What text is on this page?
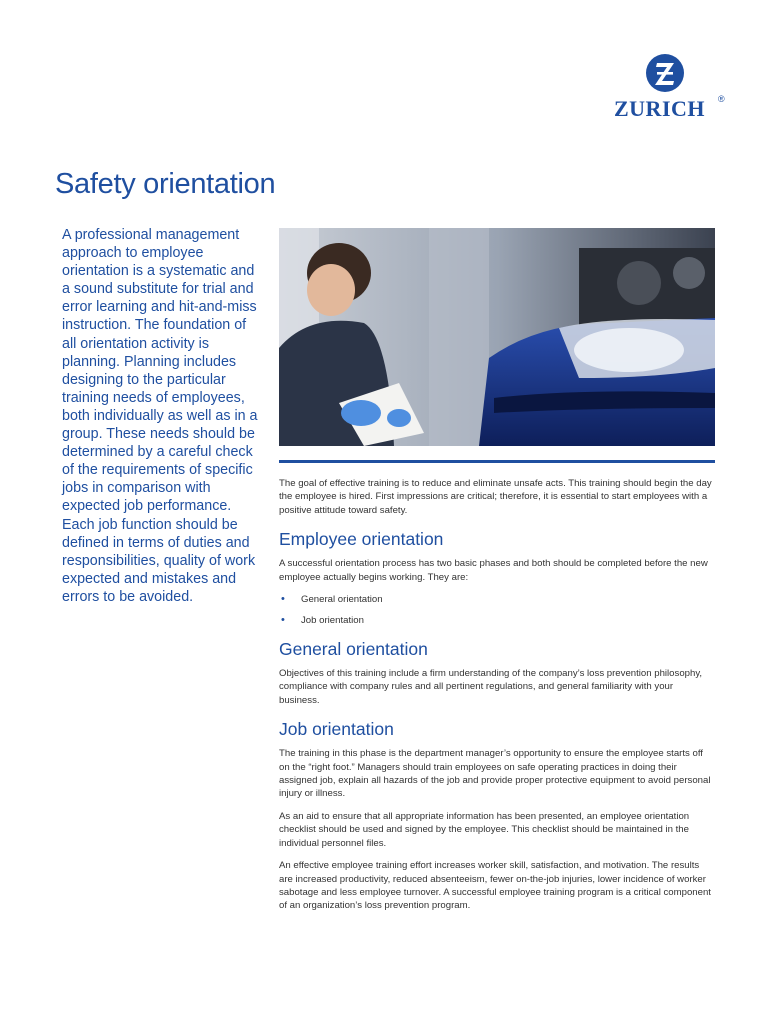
ZURICH ®
Safety orientation

A professional management approach to employee orientation is a systematic and a sound substitute for trial and error learning and hit-and-miss instruction. The foundation of all orientation activity is planning. Planning includes designing to the particular training needs of employees, both individually as well as in a group. These needs should be determined by a careful check of the requirements of specific jobs in comparison with expected job performance. Each job function should be defined in terms of duties and responsibilities, quality of work expected and mistakes and errors to be avoided.

The goal of effective training is to reduce and eliminate unsafe acts. This training should begin the day the employee is hired. First impressions are critical; therefore, it is essential to start employees with a positive attitude toward safety.

Employee orientation

A successful orientation process has two basic phases and both should be completed before the new employee actually begins working. They are:

• General orientation
• Job orientation
General orientation

Objectives of this training include a firm understanding of the company’s loss prevention philosophy, compliance with company rules and all pertinent regulations, and general familiarity with your business.

Job orientation

The training in this phase is the department manager’s opportunity to ensure the employee starts off on the “right foot.” Managers should train employees on safe operating practices in doing their assigned job, explain all hazards of the job and provide proper protective equipment to avoid personal injury or illness.

As an aid to ensure that all appropriate information has been presented, an employee orientation checklist should be used and signed by the employee. This checklist should be maintained in the individual personnel files.

An effective employee training effort increases worker skill, satisfaction, and motivation. The results are increased productivity, reduced absenteeism, fewer on-the-job injuries, lower incidence of worker sabotage and less employee turnover. A successful employee training program is a critical component of an organization’s loss prevention program.
